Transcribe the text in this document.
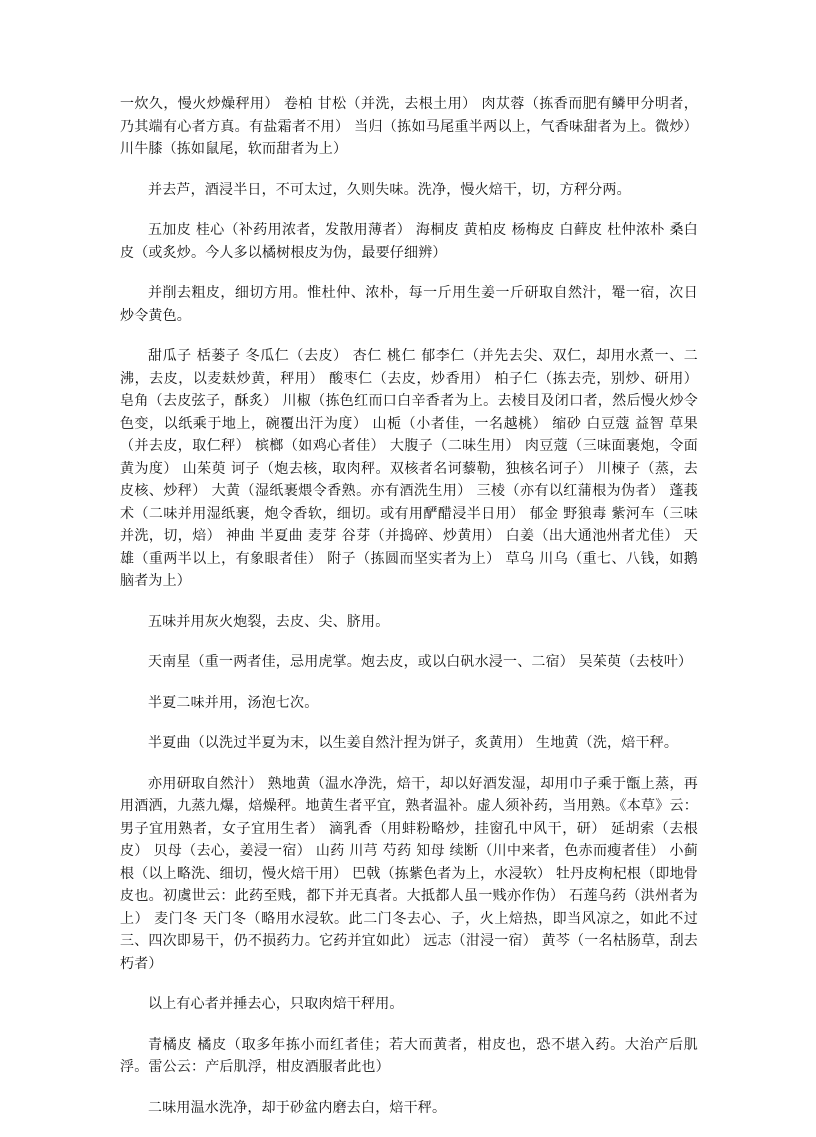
一炊久，慢火炒燥秤用） 卷柏 甘松（并洗，去根土用） 肉苁蓉（拣香而肥有鳞甲分明者，乃其端有心者方真。有盐霜者不用） 当归（拣如马尾重半两以上，气香味甜者为上。微炒） 川牛膝（拣如鼠尾，软而甜者为上）

并去芦，酒浸半日，不可太过，久则失味。洗净，慢火焙干，切，方秤分两。

五加皮 桂心（补药用浓者，发散用薄者） 海桐皮 黄柏皮 杨梅皮 白藓皮 杜仲浓朴 桑白皮（或炙炒。今人多以橘树根皮为伪，最要仔细辨）

并削去粗皮，细切方用。惟杜仲、浓朴，每一斤用生姜一斤研取自然汁，罨一宿，次日炒令黄色。

甜瓜子 栝蒌子 冬瓜仁（去皮） 杏仁 桃仁 郁李仁（并先去尖、双仁，却用水煮一、二沸，去皮，以麦麸炒黄，秤用） 酸枣仁（去皮，炒香用） 柏子仁（拣去壳，别炒、研用） 皂角（去皮弦子，酥炙） 川椒（拣色红而口白辛香者为上。去棱目及闭口者，然后慢火炒令色变，以纸乘于地上，碗覆出汗为度） 山栀（小者佳，一名越桃） 缩砂 白豆蔻 益智 草果（并去皮，取仁秤） 槟榔（如鸡心者佳） 大腹子（二味生用） 肉豆蔻（三味面裹炮，令面黄为度） 山茱萸 诃子（炮去核，取肉秤。双核者名诃藜勒，独核名诃子） 川楝子（蒸，去皮核、炒秤） 大黄（湿纸裹煨令香熟。亦有酒洗生用） 三棱（亦有以红蒲根为伪者） 蓬莪术（二味并用湿纸裹，炮令香软，细切。或有用酽醋浸半日用） 郁金 野狼毒 紫河车（三味并洗，切，焙） 神曲 半夏曲 麦芽 谷芽（并捣碎、炒黄用） 白姜（出大通池州者尤佳） 天雄（重两半以上，有象眼者佳） 附子（拣圆而坚实者为上） 草乌 川乌（重七、八钱，如鹅脑者为上）

五味并用灰火炮裂，去皮、尖、脐用。

天南星（重一两者佳，忌用虎掌。炮去皮，或以白矾水浸一、二宿） 吴茱萸（去枝叶）

半夏二味并用，汤泡七次。

半夏曲（以洗过半夏为末，以生姜自然汁捏为饼子，炙黄用） 生地黄（洗，焙干秤。

亦用研取自然汁） 熟地黄（温水净洗，焙干，却以好酒发湿，却用巾子乘于甑上蒸，再用酒洒，九蒸九爆，焙燥秤。地黄生者平宜，熟者温补。虚人须补药，当用熟。《本草》云：男子宜用熟者，女子宜用生者） 滴乳香（用蚌粉略炒，挂窗孔中风干，研） 延胡索（去根皮） 贝母（去心，姜浸一宿） 山药 川芎 芍药 知母 续断（川中来者，色赤而瘦者佳） 小蓟根（以上略洗、细切，慢火焙干用） 巴戟（拣紫色者为上，水浸软） 牡丹皮枸杞根（即地骨皮也。初虞世云：此药至贱，都下并无真者。大抵都人虽一贱亦作伪） 石莲乌药（洪州者为上） 麦门冬 天门冬（略用水浸软。此二门冬去心、子，火上焙热，即当风凉之，如此不过三、四次即易干，仍不损药力。它药并宜如此） 远志（泔浸一宿） 黄芩（一名枯肠草，刮去朽者）

以上有心者并捶去心，只取肉焙干秤用。

青橘皮 橘皮（取多年拣小而红者佳；若大而黄者，柑皮也，恐不堪入药。大治产后肌浮。雷公云：产后肌浮，柑皮酒服者此也）

二味用温水洗净，却于砂盆内磨去白，焙干秤。
